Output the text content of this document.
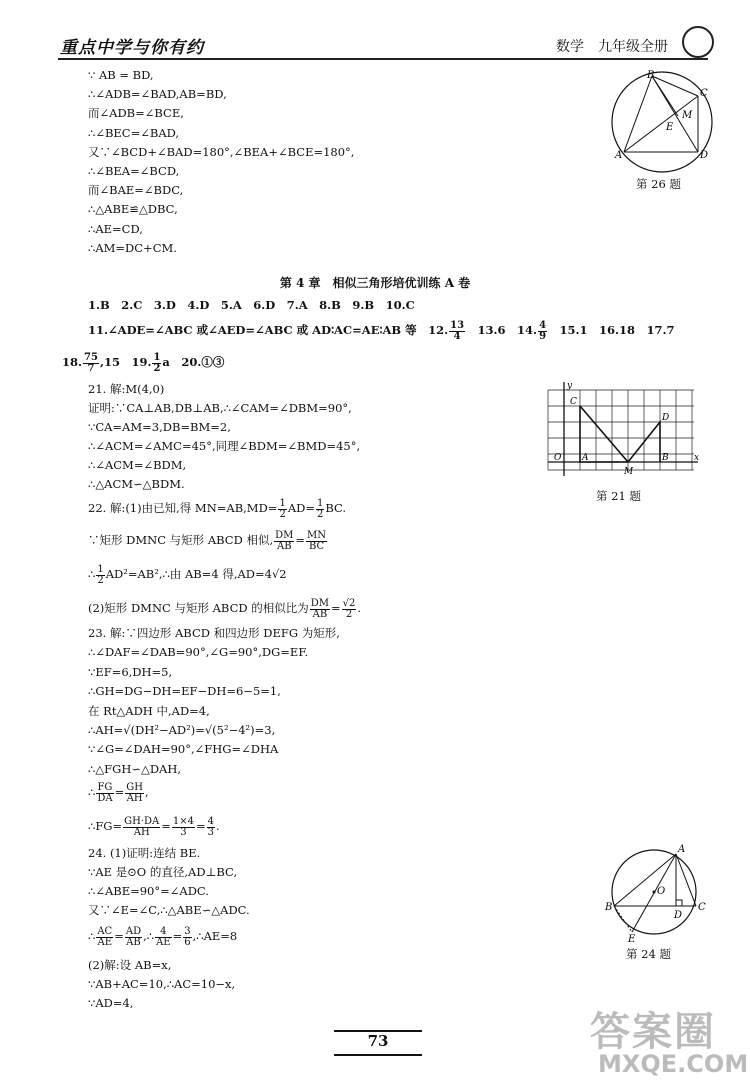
重点中学与你有约	数学 九年级全册
∵ AB = BD,
∴∠ADB=∠BAD,AB=BD,
而∠ADB=∠BCE,
∴∠BEC=∠BAD,
又∵∠BCD+∠BAD=180°,∠BEA+∠BCE=180°,
∴∠BEA=∠BCD,
而∠BAE=∠BDC,
∴△ABE≌△DBC,
∴AE=CD,
∴AM=DC+CM.
B
C
M
E
A	D
第 26 题
第 4 章　相似三角形培优训练 A 卷
1.B　2.C　3.D　4.D　5.A　6.D　7.A　8.B　9.B　10.C
11.∠ADE=∠ABC 或∠AED=∠ABC 或 AD∶AC=AE∶AB 等　12. $\frac{13}{4}$
　 13.6　14. $\frac{4}{9}$
　 15.1　16.18　17.7
18. $\frac{75}{7} ,15$　19. $\frac{1}{2}$ a　20.①③
21. 解:M(4,0)
证明:∵CA⊥AB,DB⊥AB,∴∠CAM=∠DBM=90°,
∵CA=AM=3,DB=BM=2,
∴∠ACM=∠AMC=45°,同理∠BDM=∠BMD=45°,
∴∠ACM=∠BDM,
∴△ACM∽△BDM.
y
C
D
O A
M
B	x
第 21 题
22. 解:(1)由已知,得 $MN=AB,MD= \frac{1}{2} AD= \frac{1}{2}$ BC.
∵矩形 DMNC 与矩形 ABCD 相似, $\frac{DM}{AB} = \frac{MN}{BC}$
∴ $\frac{1}{2}$ AD²=AB²,∴由 AB=4 得,AD=4√2
(2)矩形 DMNC 与矩形 ABCD 的相似比为 $\frac{DM}{AB} = \frac{√2}{2}$ .
23. 解:∵四边形 ABCD 和四边形 DEFG 为矩形,
∴∠DAF=∠DAB=90°,∠G=90°,DG=EF.
∵EF=6,DH=5,
∴GH=DG−DH=EF−DH=6−5=1,
在 Rt△ADH 中,AD=4,
∴AH=√(DH²−AD²)=√(5²−4²)=3,
∵∠G=∠DAH=90°,∠FHG=∠DHA
∴△FGH∽△DAH,
∴ $\frac{FG}{DA} = \frac{GH}{AH}$ ,
∴FG= $\frac{GH\cdot DA}{AH} = \frac{1\times 4}{3} = \frac{4}{3}$ .
24. (1)证明:连结 BE.
∵AE 是⊙O 的直径,AD⊥BC,
∴∠ABE=90°=∠ADC.
又∵∠E=∠C,∴△ABE∽△ADC.
∴ $\frac{AC}{AE} = \frac{AD}{AB}$ ,∴ $\frac{4}{AE} = \frac{3}{6}$ ,∴AE=8
(2)解:设 AB=x,
∵AB+AC=10,∴AC=10−x,
∵AD=4,
A
O
B
D
C
E
第 24 题
73	答案圈
MXQE.COM
